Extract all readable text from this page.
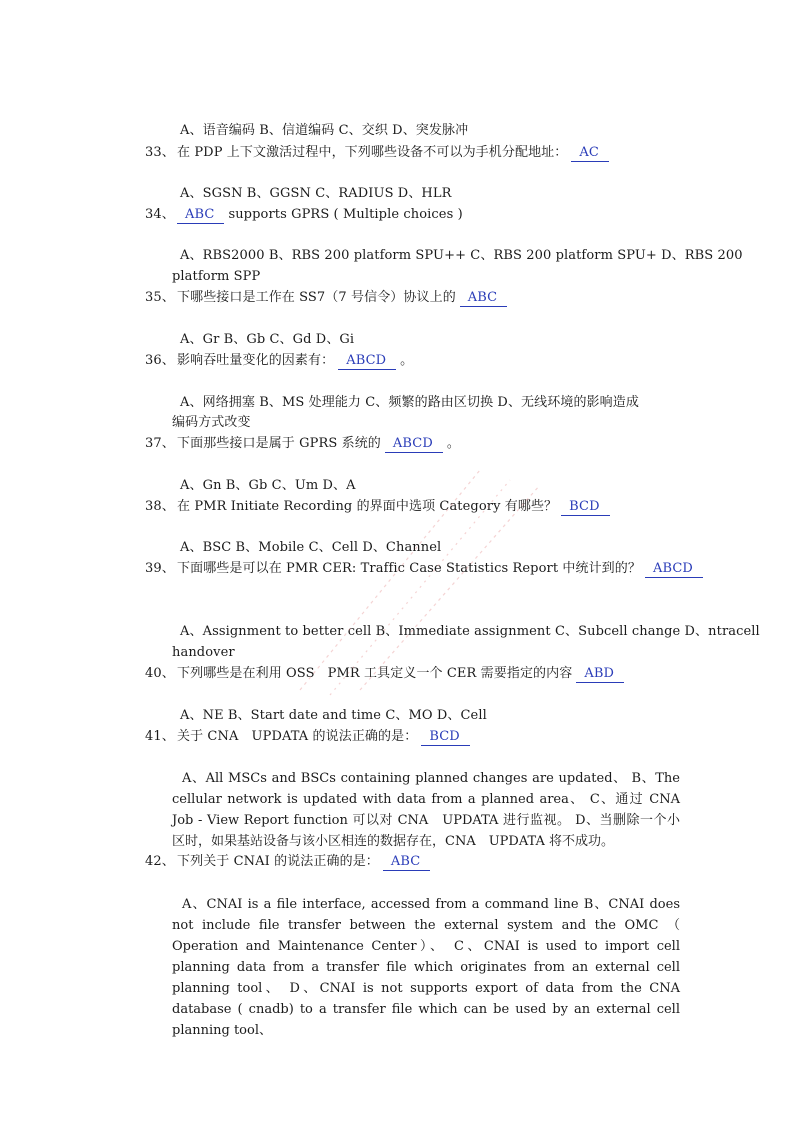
A、语音编码 B、信道编码 C、交织 D、突发脉冲
33、 在 PDP 上下文激活过程中，下列哪些设备不可以为手机分配地址： AC
A、SGSN B、GGSN C、RADIUS D、HLR
34、 ABC supports GPRS ( Multiple choices )
A、RBS2000 B、RBS 200 platform SPU++ C、RBS 200 platform SPU+ D、RBS 200
platform SPP
35、 下哪些接口是工作在 SS7（7 号信令）协议上的 ABC
A、Gr B、Gb C、Gd D、Gi
36、 影响吞吐量变化的因素有： ABCD 。
A、网络拥塞 B、MS 处理能力 C、频繁的路由区切换 D、无线环境的影响造成
编码方式改变
37、 下面那些接口是属于 GPRS 系统的 ABCD 。
A、Gn B、Gb C、Um D、A
38、 在 PMR Initiate Recording 的界面中选项 Category 有哪些？ BCD
A、BSC B、Mobile C、Cell D、Channel
39、 下面哪些是可以在 PMR CER: Traffic Case Statistics Report 中统计到的？ ABCD
A、Assignment to better cell B、Immediate assignment C、Subcell change D、ntracell
handover
40、 下列哪些是在利用 OSS　PMR 工具定义一个 CER 需要指定的内容 ABD
A、NE B、Start date and time C、MO D、Cell
41、 关于 CNA　UPDATA 的说法正确的是： BCD
A、All MSCs and BSCs containing planned changes are updated、 B、The cellular network is updated with data from a planned area、 C、通过 CNA Job - View Report function 可以对 CNA　UPDATA 进行监视。 D、当删除一个小区时，如果基站设备与该小区相连的数据存在，CNA　UPDATA 将不成功。
42、 下列关于 CNAI 的说法正确的是： ABC
A、CNAI is a file interface, accessed from a command line B、CNAI does not include file transfer between the external system and the OMC （ Operation and Maintenance Center）、 C、CNAI is used to import cell planning data from a transfer file which originates from an external cell planning tool、 D、CNAI is not supports export of data from the CNA database ( cnadb) to a transfer file which can be used by an external cell planning tool、
